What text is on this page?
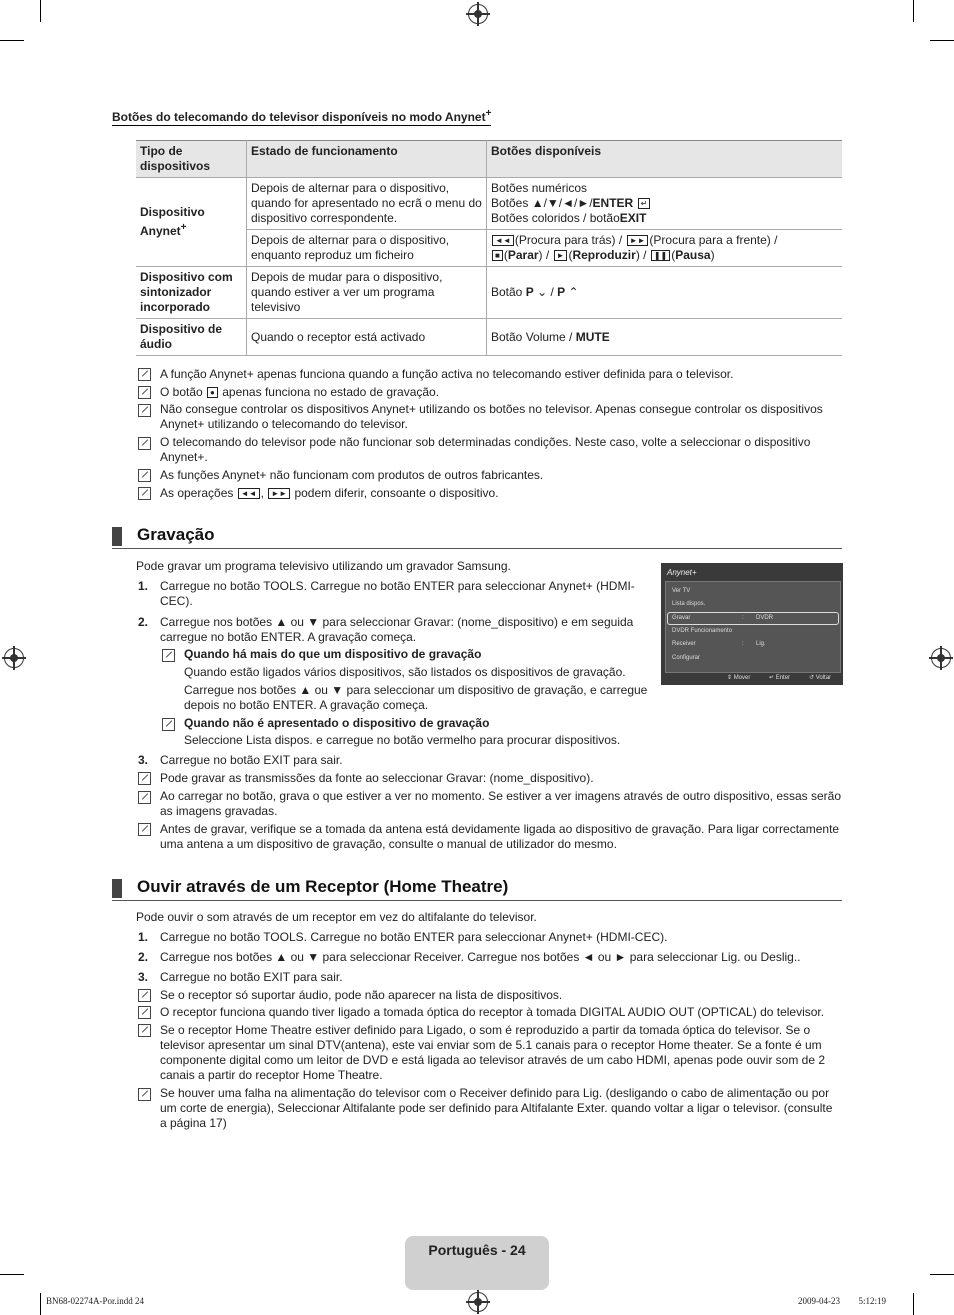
Botões do telecomando do televisor disponíveis no modo Anynet+
Tipo de dispositivos	Estado de funcionamento	Botões disponíveis
Dispositivo Anynet+	Depois de alternar para o dispositivo, quando for apresentado no ecrã o menu do dispositivo correspondente.	Botões numéricos
Botões ▲/▼/◄/►/ENTER ↵
Botões coloridos / botãoEXIT

	Depois de alternar para o dispositivo, enquanto reproduz um ficheiro	◄◄ (Procura para trás) / ►► (Procura para a frente) /
■ (Parar) / ► (Reproduzir) / ❚❚ (Pausa)

Dispositivo com sintonizador incorporado	Depois de mudar para o dispositivo, quando estiver a ver um programa televisivo	Botão P ⌄ / P ⌃
Dispositivo de áudio	Quando o receptor está activado	Botão Volume / MUTE
A função Anynet+ apenas funciona quando a função activa no telecomando estiver definida para o televisor.
O botão ● apenas funciona no estado de gravação.
Não consegue controlar os dispositivos Anynet+ utilizando os botões no televisor. Apenas consegue controlar os dispositivos Anynet+ utilizando o telecomando do televisor.
O telecomando do televisor pode não funcionar sob determinadas condições. Neste caso, volte a seleccionar o dispositivo Anynet+.
As funções Anynet+ não funcionam com produtos de outros fabricantes.
As operações ◄◄ , ►► podem diferir, consoante o dispositivo.
Gravação
Pode gravar um programa televisivo utilizando um gravador Samsung.
1. Carregue no botão TOOLS. Carregue no botão ENTER para seleccionar Anynet+ (HDMI-CEC).
2. Carregue nos botões ▲ ou ▼ para seleccionar Gravar: (nome_dispositivo) e em seguida carregue no botão ENTER. A gravação começa.
Quando há mais do que um dispositivo de gravação
Quando estão ligados vários dispositivos, são listados os dispositivos de gravação.
Carregue nos botões ▲ ou ▼ para seleccionar um dispositivo de gravação, e carregue depois no botão ENTER. A gravação começa.
Quando não é apresentado o dispositivo de gravação
Seleccione Lista dispos. e carregue no botão vermelho para procurar dispositivos.
3. Carregue no botão EXIT para sair.
Pode gravar as transmissões da fonte ao seleccionar Gravar: (nome_dispositivo).
Ao carregar no botão, grava o que estiver a ver no momento. Se estiver a ver imagens através de outro dispositivo, essas serão as imagens gravadas.
Antes de gravar, verifique se a tomada da antena está devidamente ligada ao dispositivo de gravação. Para ligar correctamente uma antena a um dispositivo de gravação, consulte o manual de utilizador do mesmo.
Anynet+
Ver TV
Lista dispos.
Gravar	: DVDR
DVDR Funcionamento
Receiver	: Lig.
Configurar
⇕ Mover	↵ Enter	↺ Voltar
Ouvir através de um Receptor (Home Theatre)
Pode ouvir o som através de um receptor em vez do altifalante do televisor.
1. Carregue no botão TOOLS. Carregue no botão ENTER para seleccionar Anynet+ (HDMI-CEC).
2. Carregue nos botões ▲ ou ▼ para seleccionar Receiver. Carregue nos botões ◄ ou ► para seleccionar Lig. ou Deslig..
3. Carregue no botão EXIT para sair.
Se o receptor só suportar áudio, pode não aparecer na lista de dispositivos.
O receptor funciona quando tiver ligado a tomada óptica do receptor à tomada DIGITAL AUDIO OUT (OPTICAL) do televisor.
Se o receptor Home Theatre estiver definido para Ligado, o som é reproduzido a partir da tomada óptica do televisor. Se o televisor apresentar um sinal DTV(antena), este vai enviar som de 5.1 canais para o receptor Home theater. Se a fonte é um componente digital como um leitor de DVD e está ligada ao televisor através de um cabo HDMI, apenas pode ouvir som de 2 canais a partir do receptor Home Theatre.
Se houver uma falha na alimentação do televisor com o Receiver definido para Lig. (desligando o cabo de alimentação ou por um corte de energia), Seleccionar Altifalante pode ser definido para Altifalante Exter. quando voltar a ligar o televisor. (consulte a página 17)
Português - 24
BN68-02274A-Por.indd 24	2009-04-23 ￿￿ 5:12:19
